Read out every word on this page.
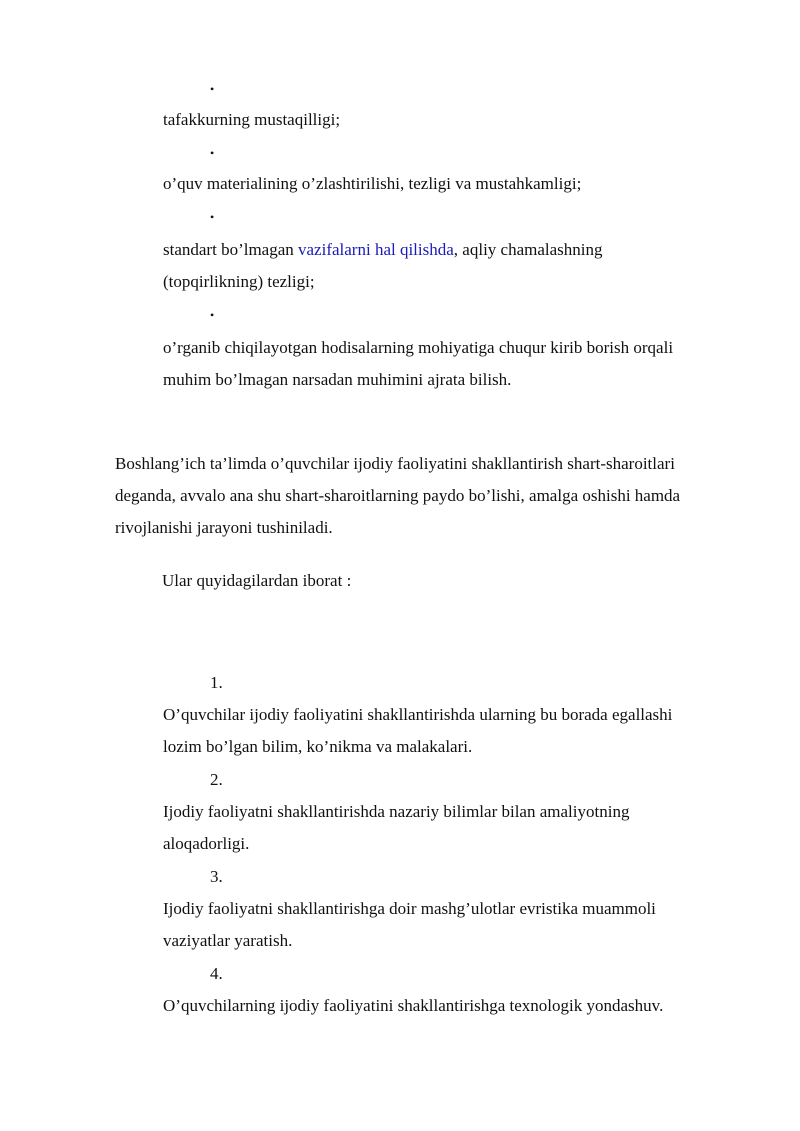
•
tafakkurning mustaqilligi;
•
o’quv materialining o’zlashtirilishi, tezligi va mustahkamligi;
•
standart bo’lmagan vazifalarni hal qilishda, aqliy chamalashning
(topqirlikning) tezligi;
•
o’rganib chiqilayotgan hodisalarning mohiyatiga chuqur kirib borish orqali
muhim bo’lmagan narsadan muhimini ajrata bilish.
Boshlang’ich ta’limda o’quvchilar ijodiy faoliyatini shakllantirish shart-sharoitlari
deganda, avvalo ana shu shart-sharoitlarning paydo bo’lishi, amalga oshishi hamda
rivojlanishi jarayoni tushiniladi.
Ular quyidagilardan iborat :
1.
O’quvchilar ijodiy faoliyatini shakllantirishda ularning bu borada egallashi
lozim bo’lgan bilim, ko’nikma va malakalari.
2.
Ijodiy faoliyatni shakllantirishda nazariy bilimlar bilan amaliyotning
aloqadorligi.
3.
Ijodiy faoliyatni shakllantirishga doir mashg’ulotlar evristika muammoli
vaziyatlar yaratish.
4.
O’quvchilarning ijodiy faoliyatini shakllantirishga texnologik yondashuv.
